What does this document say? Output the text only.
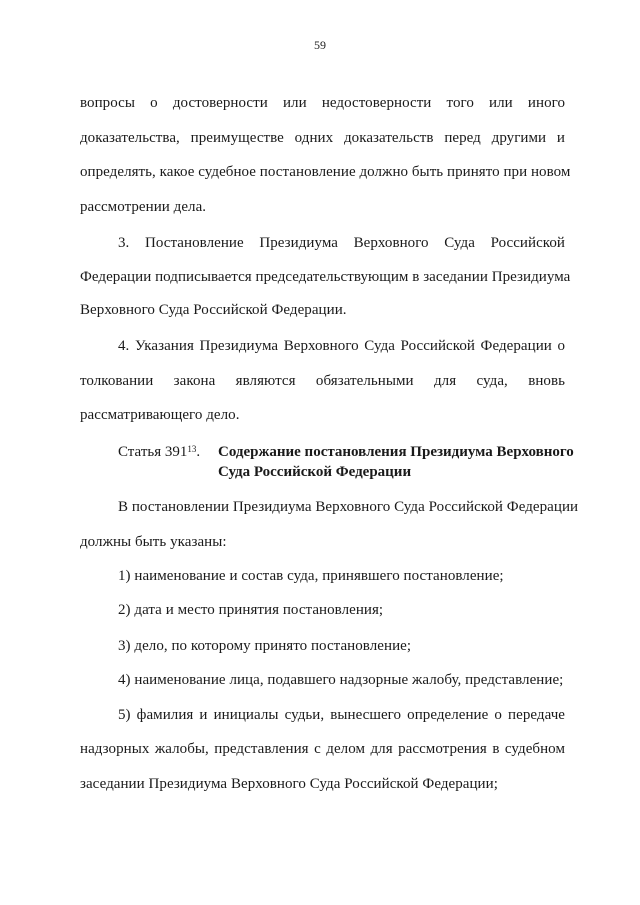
59
вопросы о достоверности или недостоверности того или иного
доказательства, преимуществе одних доказательств перед другими и
определять, какое судебное постановление должно быть принято при новом
рассмотрении дела.
3. Постановление Президиума Верховного Суда Российской
Федерации подписывается председательствующим в заседании Президиума
Верховного Суда Российской Федерации.
4. Указания Президиума Верховного Суда Российской Федерации о
толковании закона являются обязательными для суда, вновь
рассматривающего дело.
Статья $391^{13}$. Содержание постановления Президиума Верховного
Суда Российской Федерации
В постановлении Президиума Верховного Суда Российской Федерации
должны быть указаны:
1) наименование и состав суда, принявшего постановление;
2) дата и место принятия постановления;
3) дело, по которому принято постановление;
4) наименование лица, подавшего надзорные жалобу, представление;
5) фамилия и инициалы судьи, вынесшего определение о передаче
надзорных жалобы, представления с делом для рассмотрения в судебном
заседании Президиума Верховного Суда Российской Федерации;
